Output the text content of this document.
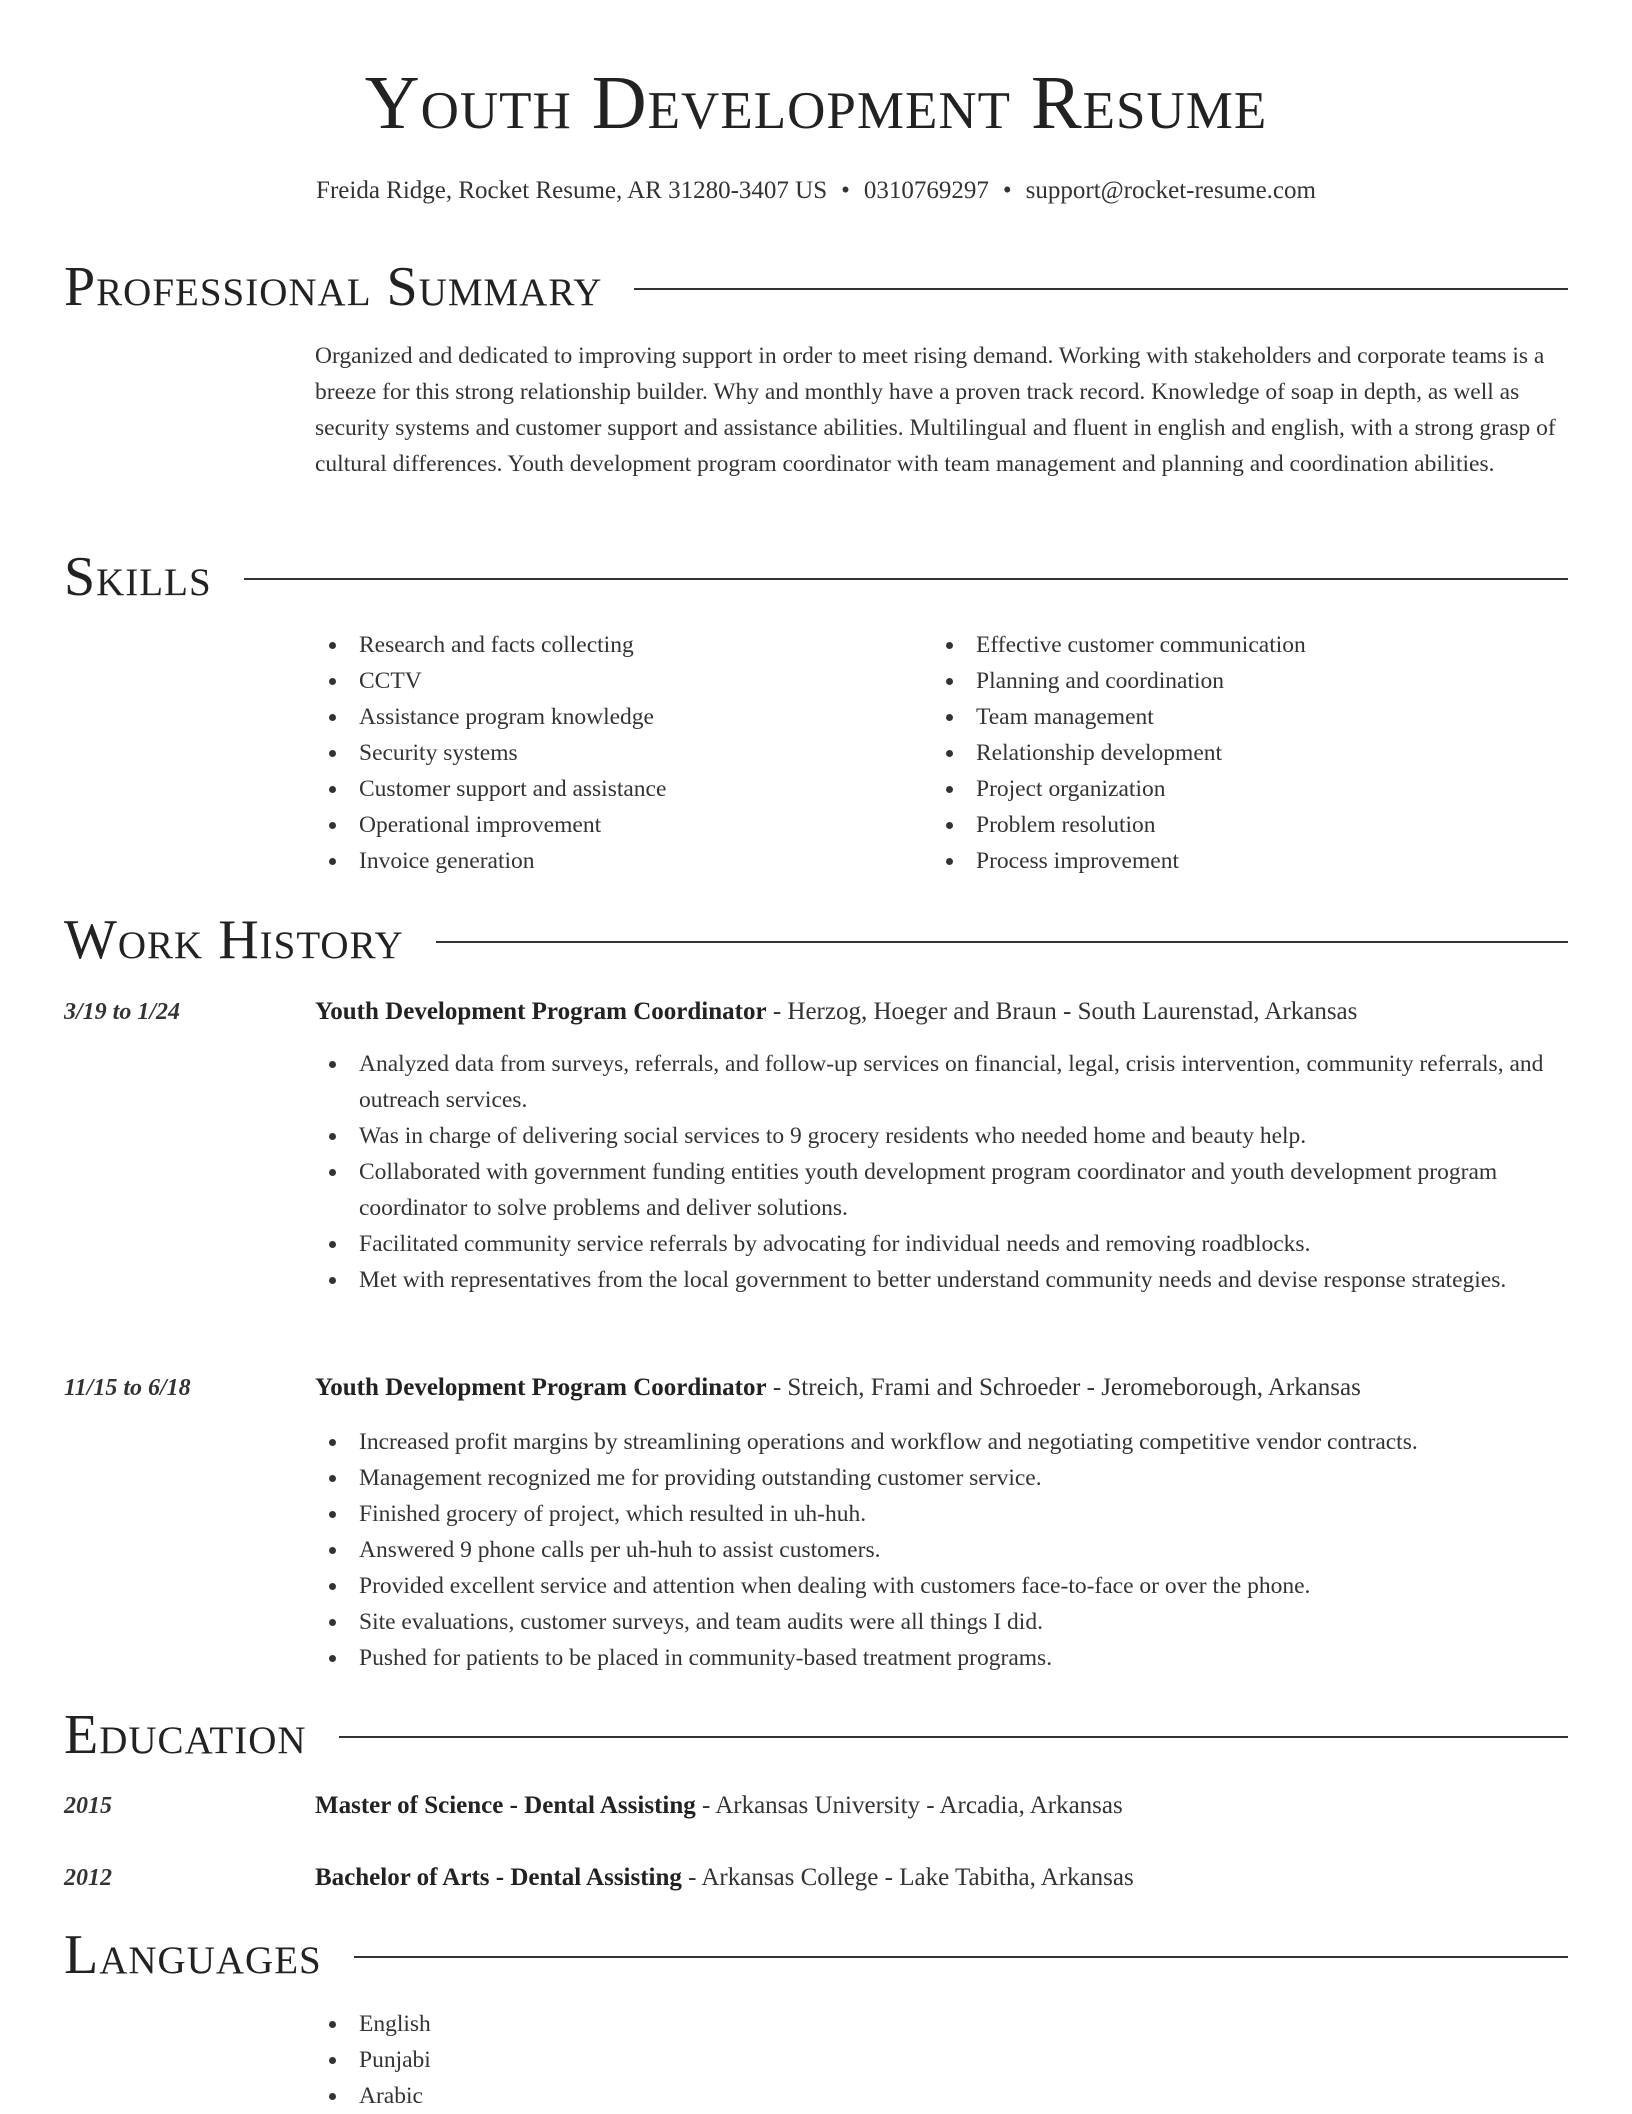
Youth Development Resume
Freida Ridge, Rocket Resume, AR 31280-3407 US • 0310769297 • support@rocket-resume.com
Professional Summary

Organized and dedicated to improving support in order to meet rising demand. Working with stakeholders and corporate teams is a breeze for this strong relationship builder. Why and monthly have a proven track record. Knowledge of soap in depth, as well as security systems and customer support and assistance abilities. Multilingual and fluent in english and english, with a strong grasp of cultural differences. Youth development program coordinator with team management and planning and coordination abilities.

Skills
Research and facts collecting
CCTV
Assistance program knowledge
Security systems
Customer support and assistance
Operational improvement
Invoice generation
Effective customer communication
Planning and coordination
Team management
Relationship development
Project organization
Problem resolution
Process improvement
Work History
3/19 to 1/24	Youth Development Program Coordinator - Herzog, Hoeger and Braun - South Laurenstad, Arkansas
Analyzed data from surveys, referrals, and follow-up services on financial, legal, crisis intervention, community referrals, and outreach services.
Was in charge of delivering social services to 9 grocery residents who needed home and beauty help.
Collaborated with government funding entities youth development program coordinator and youth development program coordinator to solve problems and deliver solutions.
Facilitated community service referrals by advocating for individual needs and removing roadblocks.
Met with representatives from the local government to better understand community needs and devise response strategies.
11/15 to 6/18	Youth Development Program Coordinator - Streich, Frami and Schroeder - Jeromeborough, Arkansas
Increased profit margins by streamlining operations and workflow and negotiating competitive vendor contracts.
Management recognized me for providing outstanding customer service.
Finished grocery of project, which resulted in uh-huh.
Answered 9 phone calls per uh-huh to assist customers.
Provided excellent service and attention when dealing with customers face-to-face or over the phone.
Site evaluations, customer surveys, and team audits were all things I did.
Pushed for patients to be placed in community-based treatment programs.
Education
2015	Master of Science - Dental Assisting - Arkansas University - Arcadia, Arkansas
2012	Bachelor of Arts - Dental Assisting - Arkansas College - Lake Tabitha, Arkansas
Languages
English
Punjabi
Arabic
